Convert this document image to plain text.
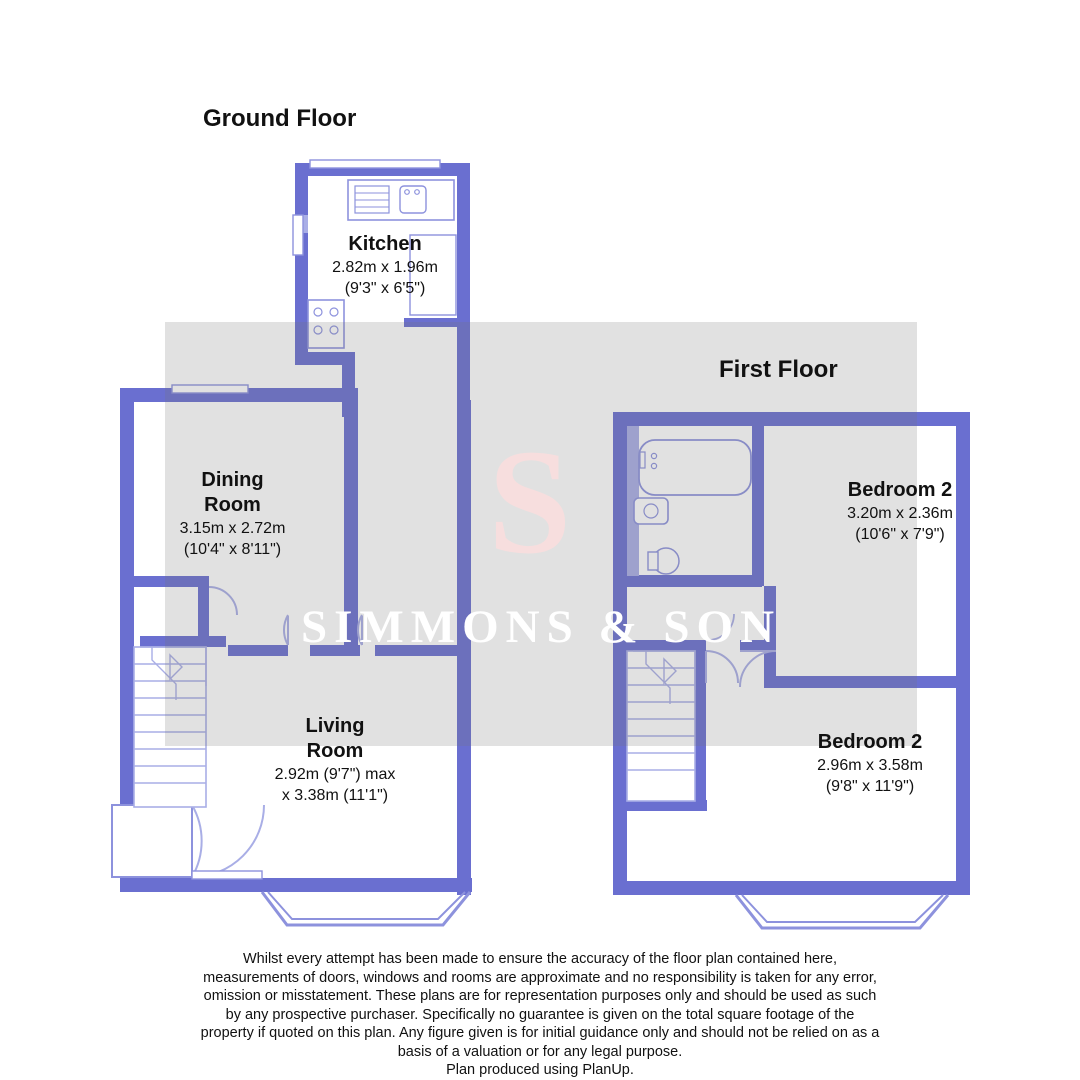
S
SIMMONS & SON
Ground Floor
First Floor
Kitchen
2.82m x 1.96m
(9'3" x 6'5")
Dining
Room
3.15m x 2.72m
(10'4" x 8'11")
Living
Room
2.92m (9'7") max
x 3.38m (11'1")
Bedroom 2
3.20m x 2.36m
(10'6" x 7'9")
Bedroom 2
2.96m x 3.58m
(9'8" x 11'9")

Whilst every attempt has been made to ensure the accuracy of the floor plan contained here,

measurements of doors, windows and rooms are approximate and no responsibility is taken for any error,

omission or misstatement. These plans are for representation purposes only and should be used as such

by any prospective purchaser. Specifically no guarantee is given on the total square footage of the

property if quoted on this plan. Any figure given is for initial guidance only and should not be relied on as a

basis of a valuation or for any legal purpose.

Plan produced using PlanUp.
